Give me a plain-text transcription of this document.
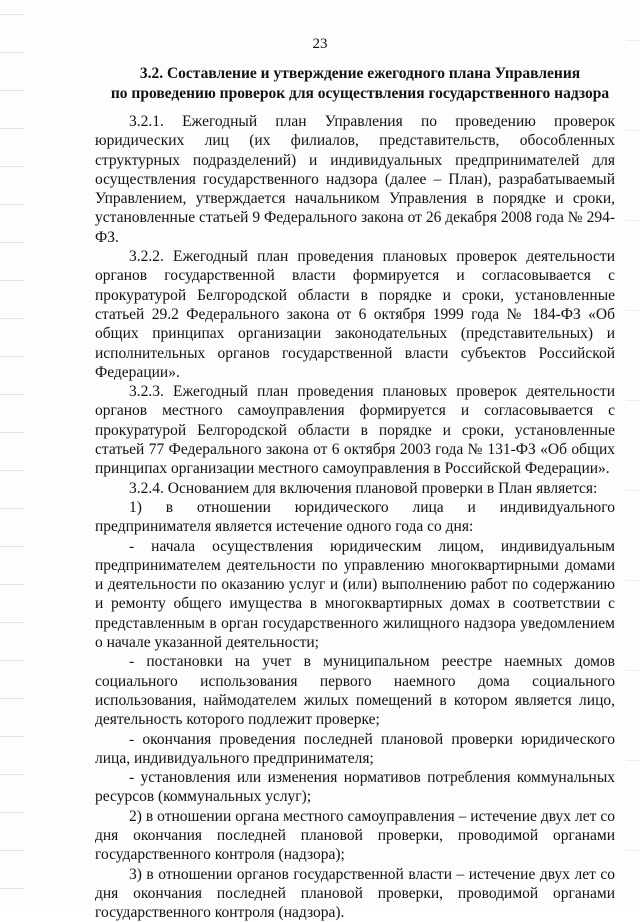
23
3.2. Составление и утверждение ежегодного плана Управления
по проведению проверок для осуществления государственного надзора

3.2.1. Ежегодный план Управления по проведению проверок юридических лиц (их филиалов, представительств, обособленных структурных подразделений) и индивидуальных предпринимателей для осуществления государственного надзора (далее – План), разрабатываемый Управлением, утверждается начальником Управления в порядке и сроки, установленные статьей 9 Федерального закона от 26 декабря 2008 года № 294-ФЗ.

3.2.2. Ежегодный план проведения плановых проверок деятельности органов государственной власти формируется и согласовывается с прокуратурой Белгородской области в порядке и сроки, установленные статьей 29.2 Федерального закона от 6 октября 1999 года № 184-ФЗ «Об общих принципах организации законодательных (представительных) и исполнительных органов государственной власти субъектов Российской Федерации».

3.2.3. Ежегодный план проведения плановых проверок деятельности органов местного самоуправления формируется и согласовывается с прокуратурой Белгородской области в порядке и сроки, установленные статьей 77 Федерального закона от 6 октября 2003 года № 131-ФЗ «Об общих принципах организации местного самоуправления в Российской Федерации».

3.2.4. Основанием для включения плановой проверки в План является:

1) в отношении юридического лица и индивидуального предпринимателя является истечение одного года со дня:

- начала осуществления юридическим лицом, индивидуальным предпринимателем деятельности по управлению многоквартирными домами и деятельности по оказанию услуг и (или) выполнению работ по содержанию и ремонту общего имущества в многоквартирных домах в соответствии с представленным в орган государственного жилищного надзора уведомлением о начале указанной деятельности;

- постановки на учет в муниципальном реестре наемных домов социального использования первого наемного дома социального использования, наймодателем жилых помещений в котором является лицо, деятельность которого подлежит проверке;

- окончания проведения последней плановой проверки юридического лица, индивидуального предпринимателя;

- установления или изменения нормативов потребления коммунальных ресурсов (коммунальных услуг);

2) в отношении органа местного самоуправления – истечение двух лет со дня окончания последней плановой проверки, проводимой органами государственного контроля (надзора);

3) в отношении органов государственной власти – истечение двух лет со дня окончания последней плановой проверки, проводимой органами государственного контроля (надзора).
